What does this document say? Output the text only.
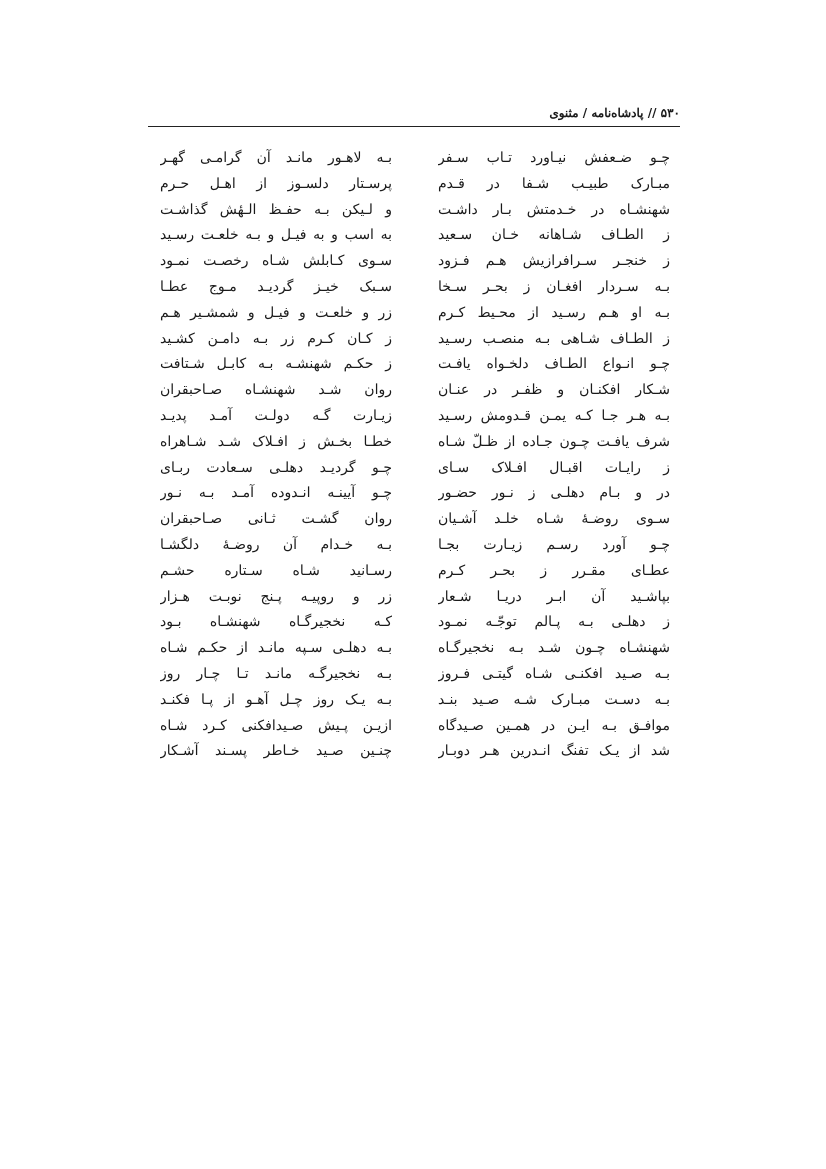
۵۳۰ // پادشاه‌نامه / مثنوی
چـو ضـعفش نیـاورد تـاب سـفر
بـه لاهـور مانـد آن گرامـی گهـر
مبـارک طبیـب شـفا در قـدم
پرسـتار دلسـوز از اهـل حـرم
شهنشـاه در خـدمتش بـار داشـت
و لـیکن بـه حفـظ الـهٔش گذاشـت
ز الطـاف شـاهانه خـان سـعید
به اسب و به فیـل و بـه خلعـت رسـید
ز خنجـر سـرافرازیش هـم فـزود
سـوی کـابلش شـاه رخصـت نمـود
بـه سـردار افغـان ز بحـر سـخا
سـبک خیـز گردیـد مـوج عطـا
بـه او هـم رسـید از محـیط کـرم
زر و خلعـت و فیـل و شمشـیر هـم
ز الطـاف شـاهی بـه منصـب رسـید
ز کـان کـرم زر بـه دامـن کشـید
چـو انـواع الطـاف دلخـواه یافـت
ز حکـم شهنشـه بـه کابـل شـتافت
شـکار افکنـان و ظفـر در عنـان
روان شـد شهنشـاه صـاحبقران
بـه هـر جـا کـه یمـن قـدومش رسـید
زیـارت گـه دولـت آمـد پدیـد
شرف یافـت چـون جـاده از ظـلّ شـاه
خطـا بخـش ز افـلاک شـد شـاهراه
ز رایـات اقبـال افـلاک سـای
چـو گردیـد دهلـی سـعادت ربـای
در و بـام دهلـی ز نـور حضـور
چـو آیینـه انـدوده آمـد بـه نـور
سـوی روضـهٔ شـاه خلـد آشـیان
روان گشـت ثـانی صـاحبقران
چـو آورد رسـم زیـارت بجـا
بـه خـدام آن روضـهٔ دلگشـا
عطـای مقـرر ز بحـر کـرم
رسـانید شـاه سـتاره حشـم
بپاشـید آن ابـر دریـا شـعار
زر و روپیـه پـنج نوبـت هـزار
ز دهلـی بـه پـالم توجّـه نمـود
کـه نخجیرگـاه شهنشـاه بـود
شهنشـاه چـون شـد بـه نخجیرگـاه
بـه دهلـی سـپه مانـد از حکـم شـاه
بـه صـید افکنـی شـاه گیتـی فـروز
بـه نخجیرگـه مانـد تـا چـار روز
بـه دسـت مبـارک شـه صـید بنـد
بـه یـک روز چـل آهـو از پـا فکنـد
موافـق بـه ایـن در همـین صـیدگاه
ازیـن پـیش صـیدافکنی کـرد شـاه
شد از یـک تفنگ انـدرین هـر دوبـار
چنـین صـید خـاطر پسـند آشـکار
